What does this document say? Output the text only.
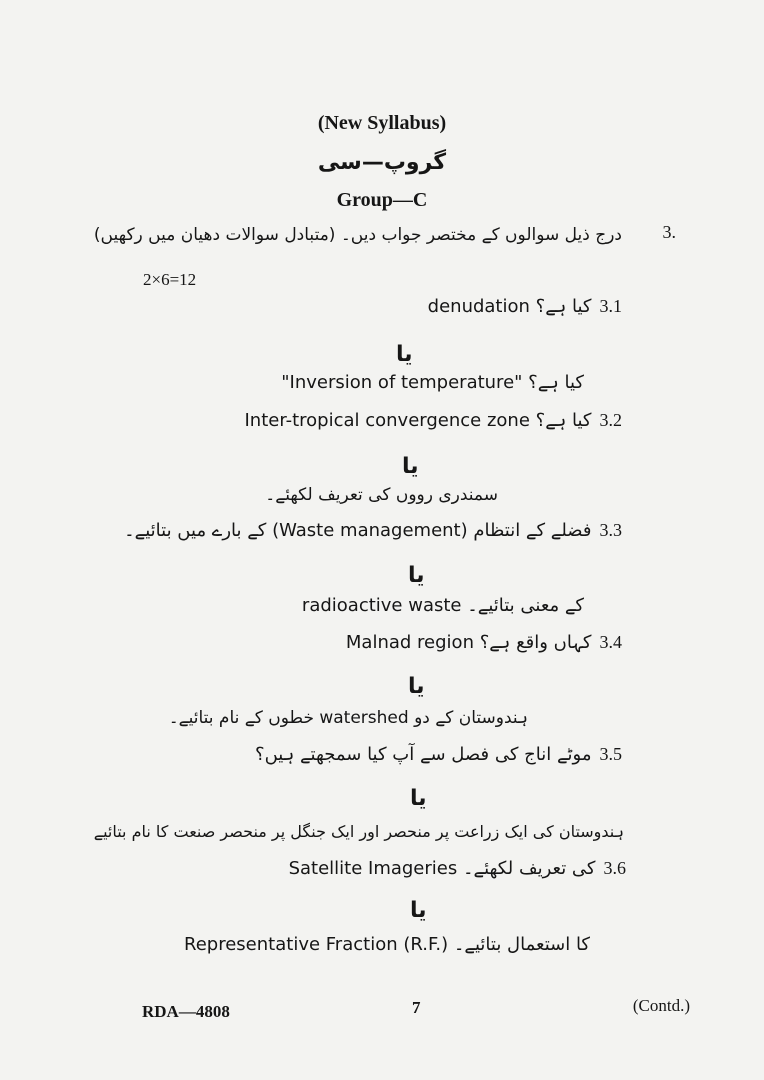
(New Syllabus)
گروپ—سی
Group—C
3.
درج ذیل سوالوں کے مختصر جواب دیں۔ (متبادل سوالات دھیان میں رکھیں)
2×6=12
3.1
denudation کیا ہے؟
یا
"Inversion of temperature" کیا ہے؟
3.2
Inter-tropical convergence zone کیا ہے؟
یا
سمندری رووں کی تعریف لکھئے۔
3.3
فضلے کے انتظام (Waste management) کے بارے میں بتائیے۔
یا
radioactive waste کے معنی بتائیے۔
3.4
Malnad region کہاں واقع ہے؟
یا
ہندوستان کے دو watershed خطوں کے نام بتائیے۔
3.5
موٹے اناج کی فصل سے آپ کیا سمجھتے ہیں؟
یا
ہندوستان کی ایک زراعت پر منحصر اور ایک جنگل پر منحصر صنعت کا نام بتائیے
3.6
Satellite Imageries کی تعریف لکھئے۔
یا
Representative Fraction (R.F.) کا استعمال بتائیے۔
RDA—4808	7	(Contd.)
